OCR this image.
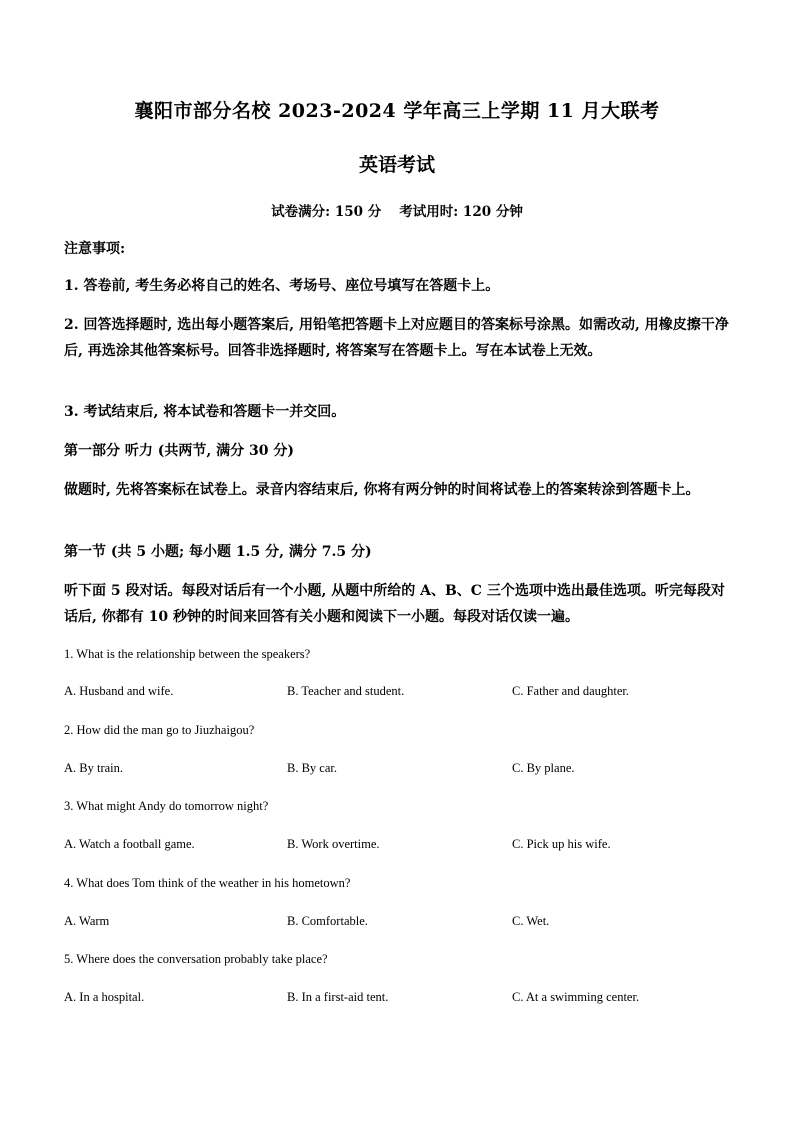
襄阳市部分名校 2023-2024 学年高三上学期 11 月大联考
英语考试
试卷满分: 150 分 考试用时: 120 分钟
注意事项:
1. 答卷前, 考生务必将自己的姓名、考场号、座位号填写在答题卡上。
2. 回答选择题时, 选出每小题答案后, 用铅笔把答题卡上对应题目的答案标号涂黑。如需改动, 用橡皮擦干净后, 再选涂其他答案标号。回答非选择题时, 将答案写在答题卡上。写在本试卷上无效。
3. 考试结束后, 将本试卷和答题卡一并交回。
第一部分 听力 (共两节, 满分 30 分)
做题时, 先将答案标在试卷上。录音内容结束后, 你将有两分钟的时间将试卷上的答案转涂到答题卡上。
第一节 (共 5 小题; 每小题 1.5 分, 满分 7.5 分)
听下面 5 段对话。每段对话后有一个小题, 从题中所给的 A、B、C 三个选项中选出最佳选项。听完每段对话后, 你都有 10 秒钟的时间来回答有关小题和阅读下一小题。每段对话仅读一遍。
1. What is the relationship between the speakers?
A. Husband and wife.	B. Teacher and student.	C. Father and daughter.
2. How did the man go to Jiuzhaigou?
A. By train.	B. By car.	C. By plane.
3. What might Andy do tomorrow night?
A. Watch a football game.	B. Work overtime.	C. Pick up his wife.
4. What does Tom think of the weather in his hometown?
A. Warm	B. Comfortable.	C. Wet.
5. Where does the conversation probably take place?
A. In a hospital.	B. In a first-aid tent.	C. At a swimming center.
